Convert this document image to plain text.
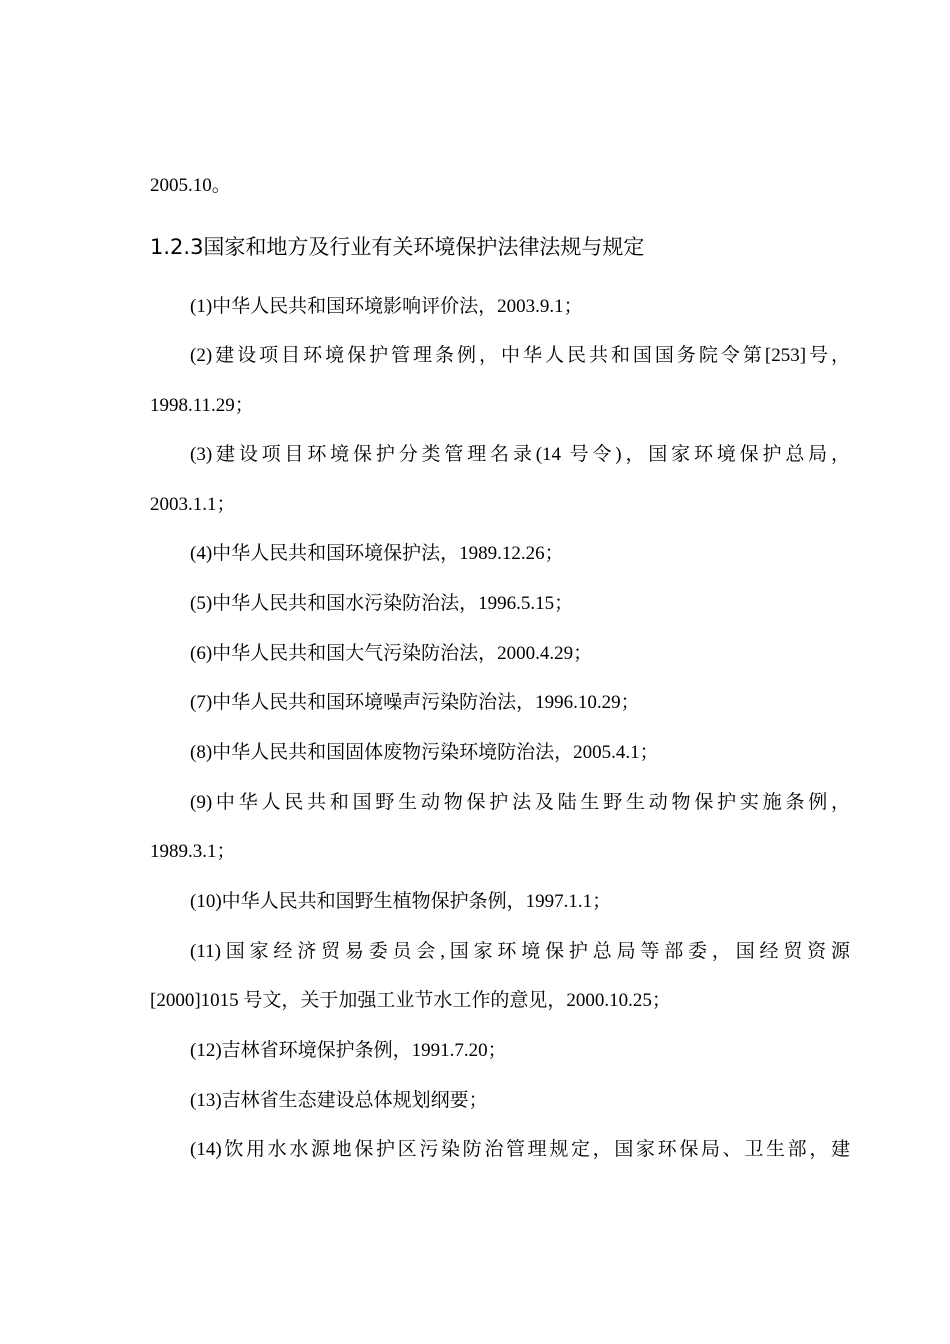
2005.10。
1.2.3国家和地方及行业有关环境保护法律法规与规定
(1)中华人民共和国环境影响评价法，2003.9.1；
(2)建设项目环境保护管理条例，中华人民共和国国务院令第[253]号，
1998.11.29；
(3)建设项目环境保护分类管理名录(14 号令)，国家环境保护总局，
2003.1.1；
(4)中华人民共和国环境保护法，1989.12.26；
(5)中华人民共和国水污染防治法，1996.5.15；
(6)中华人民共和国大气污染防治法，2000.4.29；
(7)中华人民共和国环境噪声污染防治法，1996.10.29；
(8)中华人民共和国固体废物污染环境防治法，2005.4.1；
(9)中华人民共和国野生动物保护法及陆生野生动物保护实施条例，
1989.3.1；
(10)中华人民共和国野生植物保护条例，1997.1.1；
(11)国家经济贸易委员会,国家环境保护总局等部委，国经贸资源
[2000]1015 号文，关于加强工业节水工作的意见，2000.10.25；
(12)吉林省环境保护条例，1991.7.20；
(13)吉林省生态建设总体规划纲要；
(14)饮用水水源地保护区污染防治管理规定，国家环保局、卫生部，建
